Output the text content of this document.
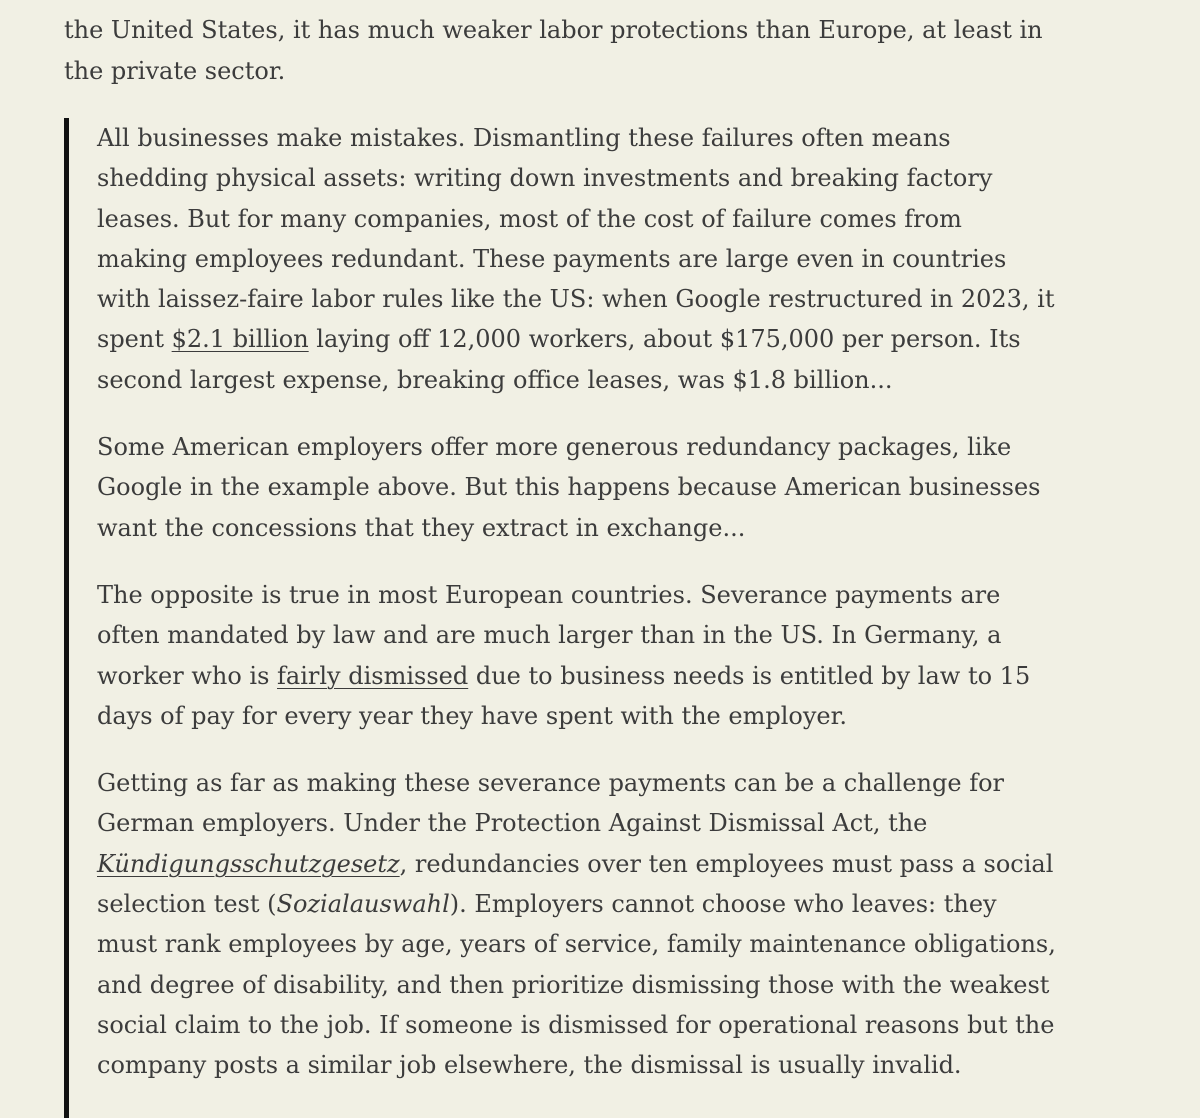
the United States, it has much weaker labor protections than Europe, at least in
the private sector.

All businesses make mistakes. Dismantling these failures often means
shedding physical assets: writing down investments and breaking factory
leases. But for many companies, most of the cost of failure comes from
making employees redundant. These payments are large even in countries
with laissez-faire labor rules like the US: when Google restructured in 2023, it
spent $2.1 billion laying off 12,000 workers, about $175,000 per person. Its
second largest expense, breaking office leases, was $1.8 billion...

Some American employers offer more generous redundancy packages, like
Google in the example above. But this happens because American businesses
want the concessions that they extract in exchange...

The opposite is true in most European countries. Severance payments are
often mandated by law and are much larger than in the US. In Germany, a
worker who is fairly dismissed due to business needs is entitled by law to 15
days of pay for every year they have spent with the employer.

Getting as far as making these severance payments can be a challenge for
German employers. Under the Protection Against Dismissal Act, the
Kündigungsschutzgesetz, redundancies over ten employees must pass a social
selection test (Sozialauswahl). Employers cannot choose who leaves: they
must rank employees by age, years of service, family maintenance obligations,
and degree of disability, and then prioritize dismissing those with the weakest
social claim to the job. If someone is dismissed for operational reasons but the
company posts a similar job elsewhere, the dismissal is usually invalid.
